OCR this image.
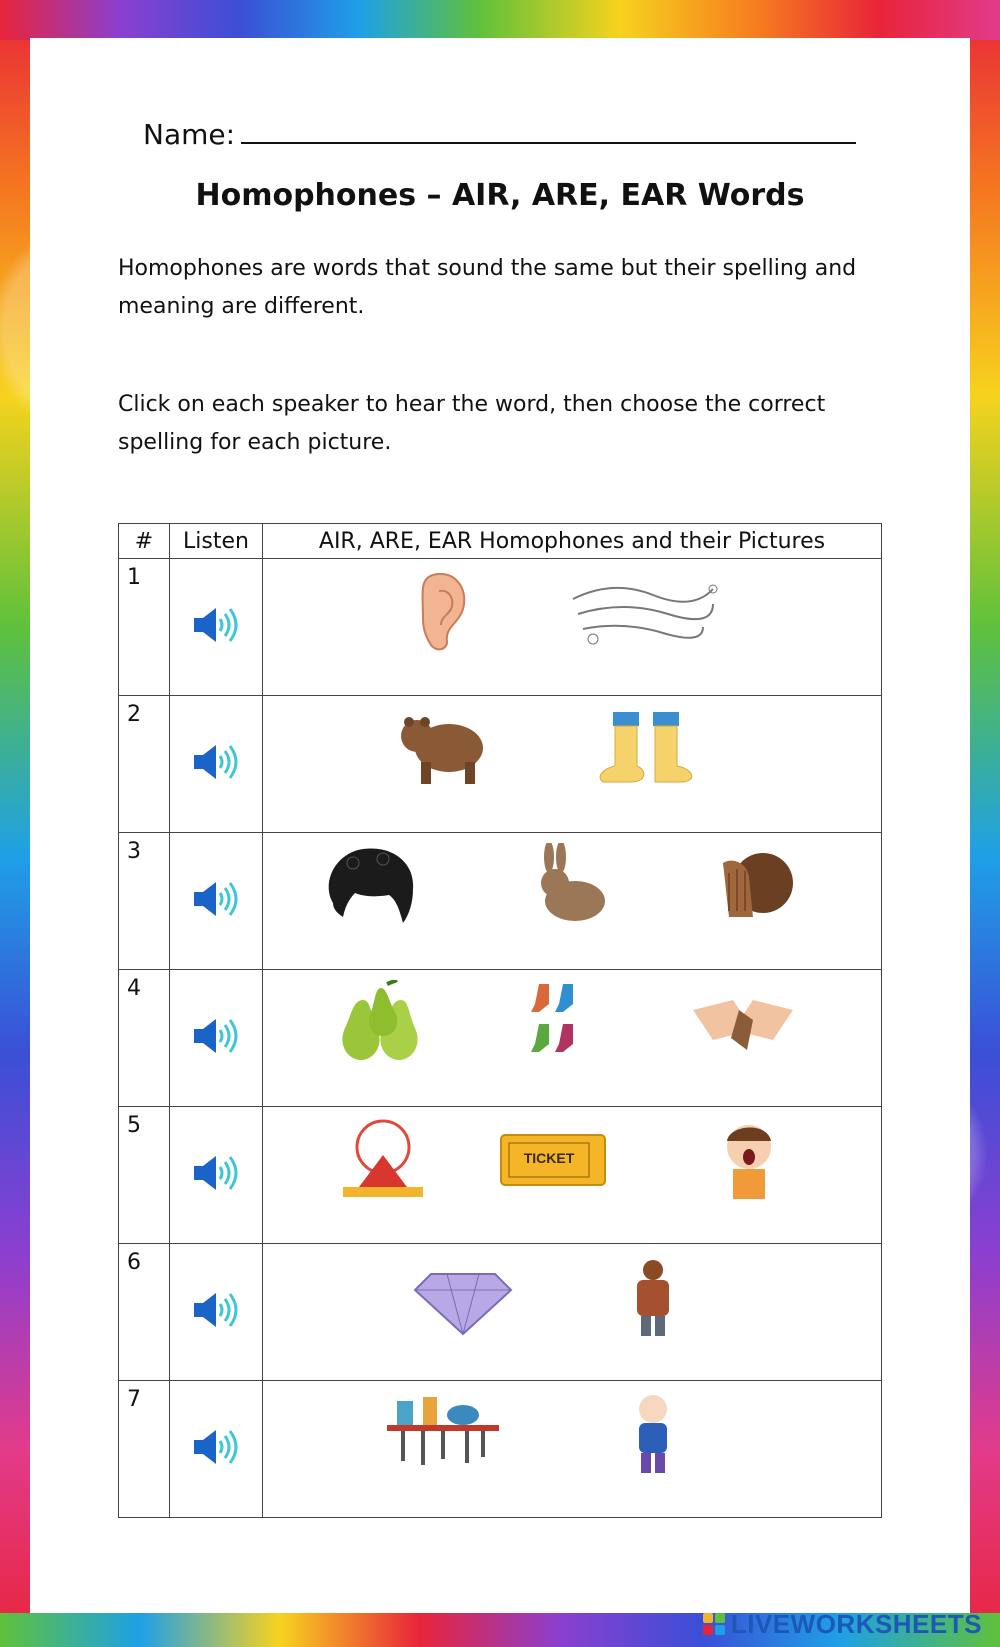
Name:
Homophones – AIR, ARE, EAR Words
Homophones are words that sound the same but their spelling and meaning are different.
Click on each speaker to hear the word, then choose the correct spelling for each picture.
#	Listen	AIR, ARE, EAR Homophones and their Pictures

1

2

3

4

5		TICKET

6

7

LIVEWORKSHEETS
